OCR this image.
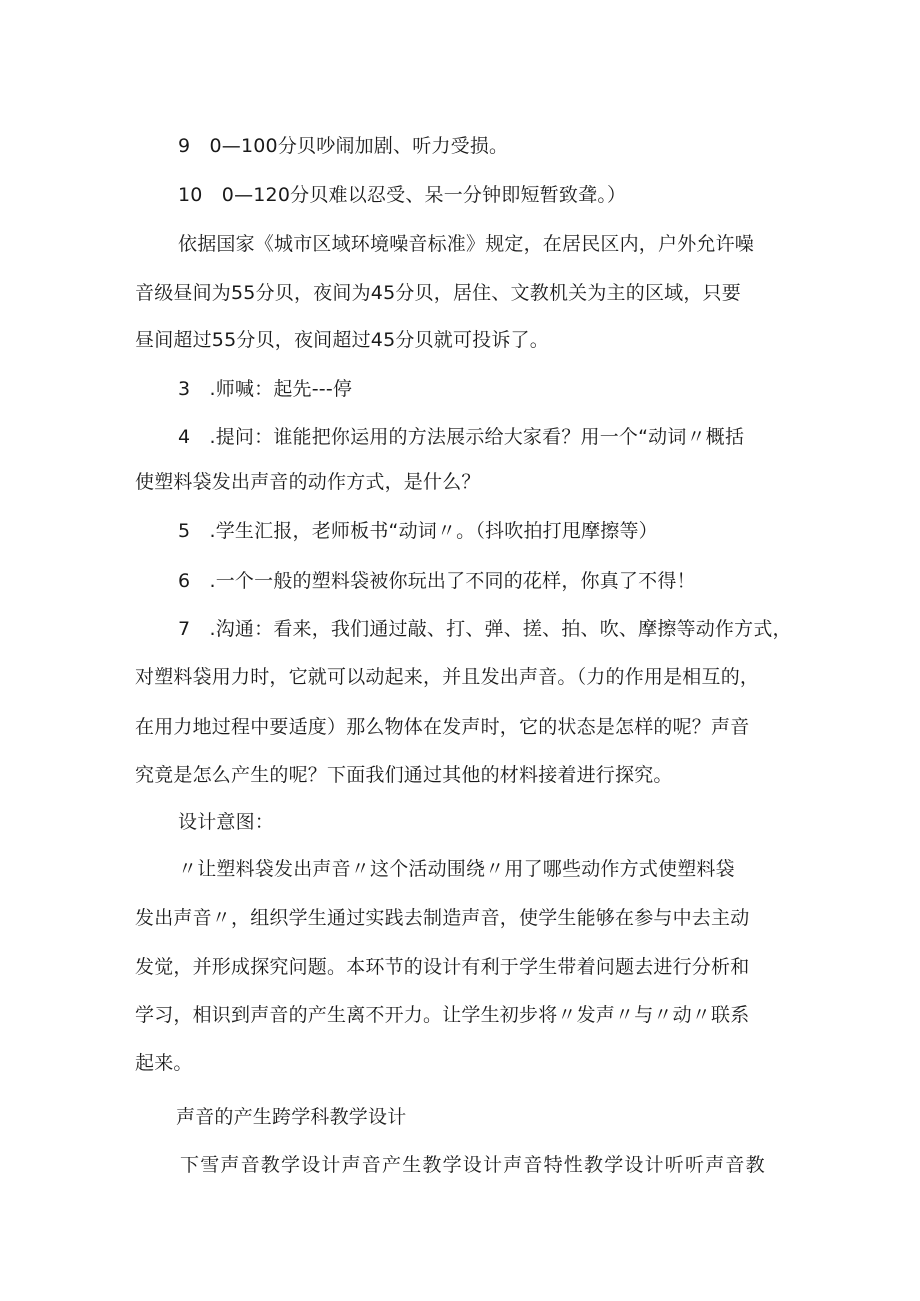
9　0—100分贝吵闹加剧、听力受损。
10　0—120分贝难以忍受、呆一分钟即短暂致聋。）
依据国家《城市区域环境噪音标准》规定，在居民区内，户外允许噪
音级昼间为55分贝，夜间为45分贝，居住、文教机关为主的区域，只要
昼间超过55分贝，夜间超过45分贝就可投诉了。
3　.师喊：起先---停
4　.提问：谁能把你运用的方法展示给大家看？用一个“动词〃概括
使塑料袋发出声音的动作方式，是什么？
5　.学生汇报，老师板书“动词〃。（抖吹拍打甩摩擦等）
6　.一个一般的塑料袋被你玩出了不同的花样，你真了不得！
7　.沟通：看来，我们通过敲、打、弹、搓、拍、吹、摩擦等动作方式，
对塑料袋用力时，它就可以动起来，并且发出声音。（力的作用是相互的，
在用力地过程中要适度）那么物体在发声时，它的状态是怎样的呢？声音
究竟是怎么产生的呢？下面我们通过其他的材料接着进行探究。
设计意图：
〃让塑料袋发出声音〃这个活动围绕〃用了哪些动作方式使塑料袋
发出声音〃，组织学生通过实践去制造声音，使学生能够在参与中去主动
发觉，并形成探究问题。本环节的设计有利于学生带着问题去进行分析和
学习，相识到声音的产生离不开力。让学生初步将〃发声〃与〃动〃联系
起来。
声音的产生跨学科教学设计
下雪声音教学设计声音产生教学设计声音特性教学设计听听声音教
